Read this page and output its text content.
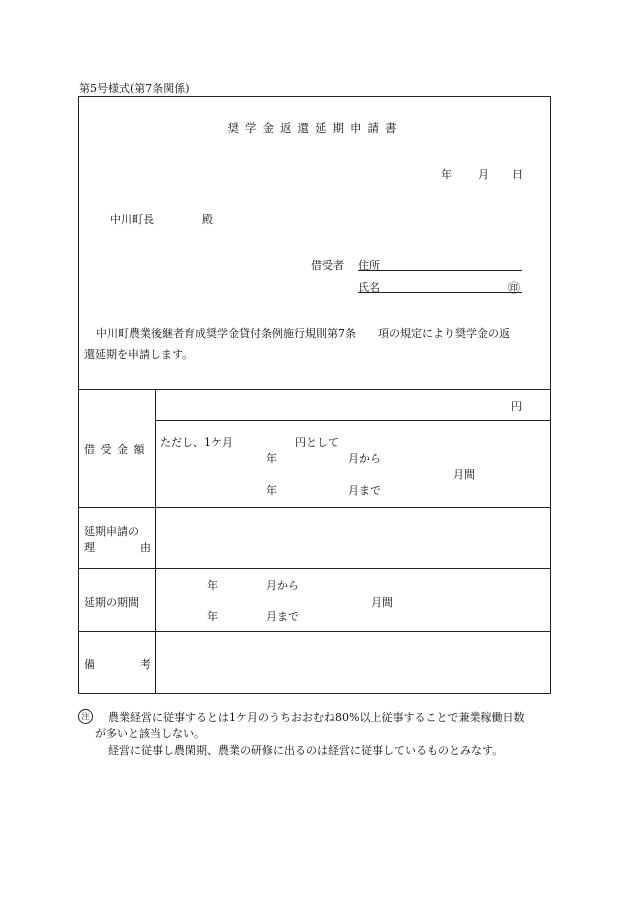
第5号様式(第7条関係)
奨学金返還延期申請書
年 月 日
中川町長	殿
借受者 住所
氏名	㊞
中川町農業後継者育成奨学金貸付条例施行規則第7条　　項の規定により奨学金の返
還延期を申請します。
借 受 金 額
円
ただし、1ケ月	円として
年	月から
月間
年	月まで
延期申請の
理	由
延期の期間
年	月から
月間
年	月まで
備	考
注	農業経営に従事するとは1ケ月のうちおおむね80%以上従事することで兼業稼働日数
が多いと該当しない。
経営に従事し農閑期、農業の研修に出るのは経営に従事しているものとみなす。
